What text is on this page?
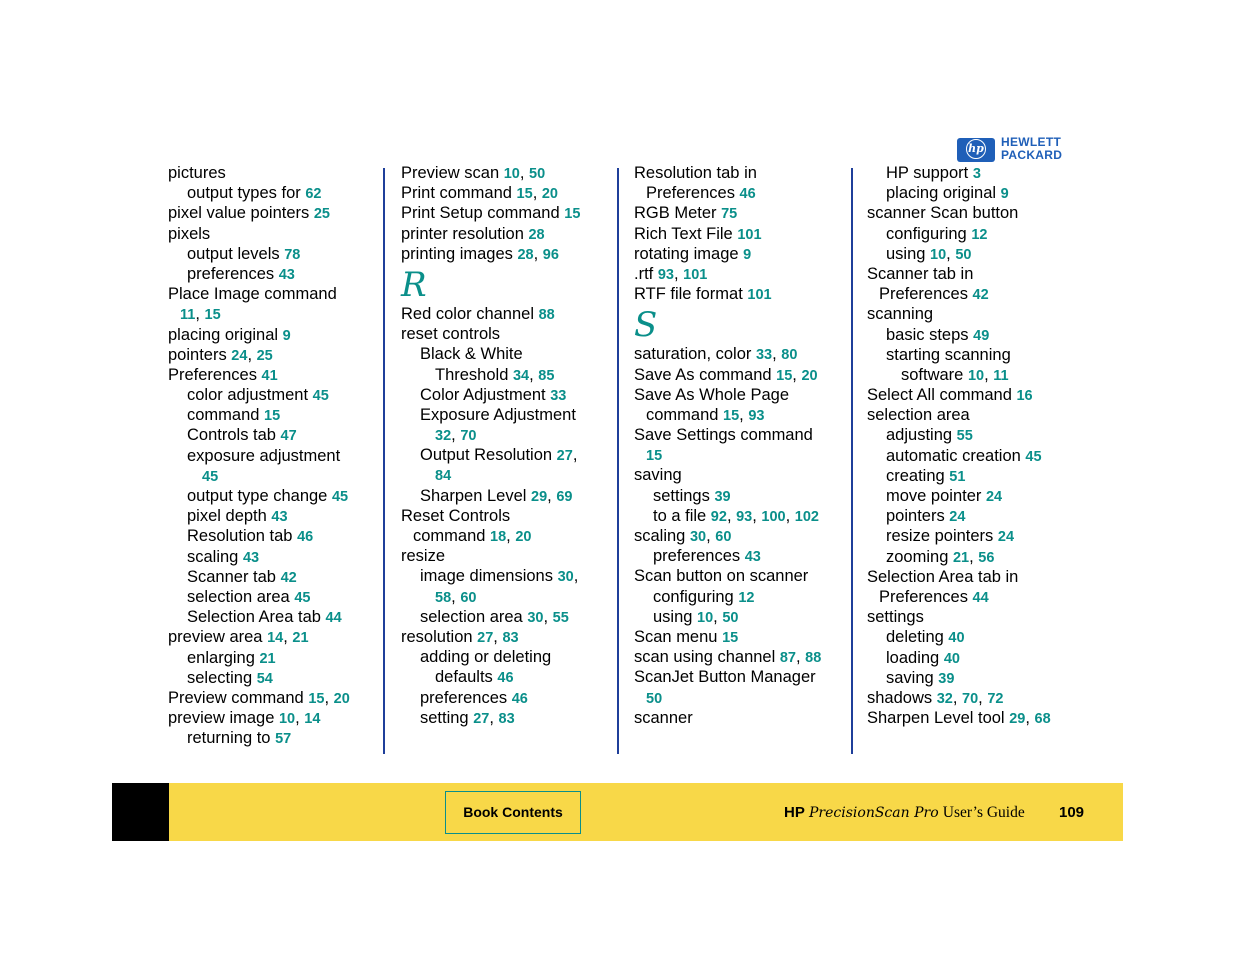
hp HEWLETT
PACKARD
pictures
output types for 62
pixel value pointers 25
pixels
output levels 78
preferences 43
Place Image command
11, 15
placing original 9
pointers 24, 25
Preferences 41
color adjustment 45
command 15
Controls tab 47
exposure adjustment
45
output type change 45
pixel depth 43
Resolution tab 46
scaling 43
Scanner tab 42
selection area 45
Selection Area tab 44
preview area 14, 21
enlarging 21
selecting 54
Preview command 15, 20
preview image 10, 14
returning to 57
Preview scan 10, 50
Print command 15, 20
Print Setup command 15
printer resolution 28
printing images 28, 96
R
Red color channel 88
reset controls
Black & White
Threshold 34, 85
Color Adjustment 33
Exposure Adjustment
32, 70
Output Resolution 27,
84
Sharpen Level 29, 69
Reset Controls
command 18, 20
resize
image dimensions 30,
58, 60
selection area 30, 55
resolution 27, 83
adding or deleting
defaults 46
preferences 46
setting 27, 83
Resolution tab in
Preferences 46
RGB Meter 75
Rich Text File 101
rotating image 9
.rtf 93, 101
RTF file format 101
S
saturation, color 33, 80
Save As command 15, 20
Save As Whole Page
command 15, 93
Save Settings command
15
saving
settings 39
to a file 92, 93, 100, 102
scaling 30, 60
preferences 43
Scan button on scanner
configuring 12
using 10, 50
Scan menu 15
scan using channel 87, 88
ScanJet Button Manager
50
scanner
HP support 3
placing original 9
scanner Scan button
configuring 12
using 10, 50
Scanner tab in
Preferences 42
scanning
basic steps 49
starting scanning
software 10, 11
Select All command 16
selection area
adjusting 55
automatic creation 45
creating 51
move pointer 24
pointers 24
resize pointers 24
zooming 21, 56
Selection Area tab in
Preferences 44
settings
deleting 40
loading 40
saving 39
shadows 32, 70, 72
Sharpen Level tool 29, 68
Book Contents	HP PrecisionScan Pro User’s Guide 109
